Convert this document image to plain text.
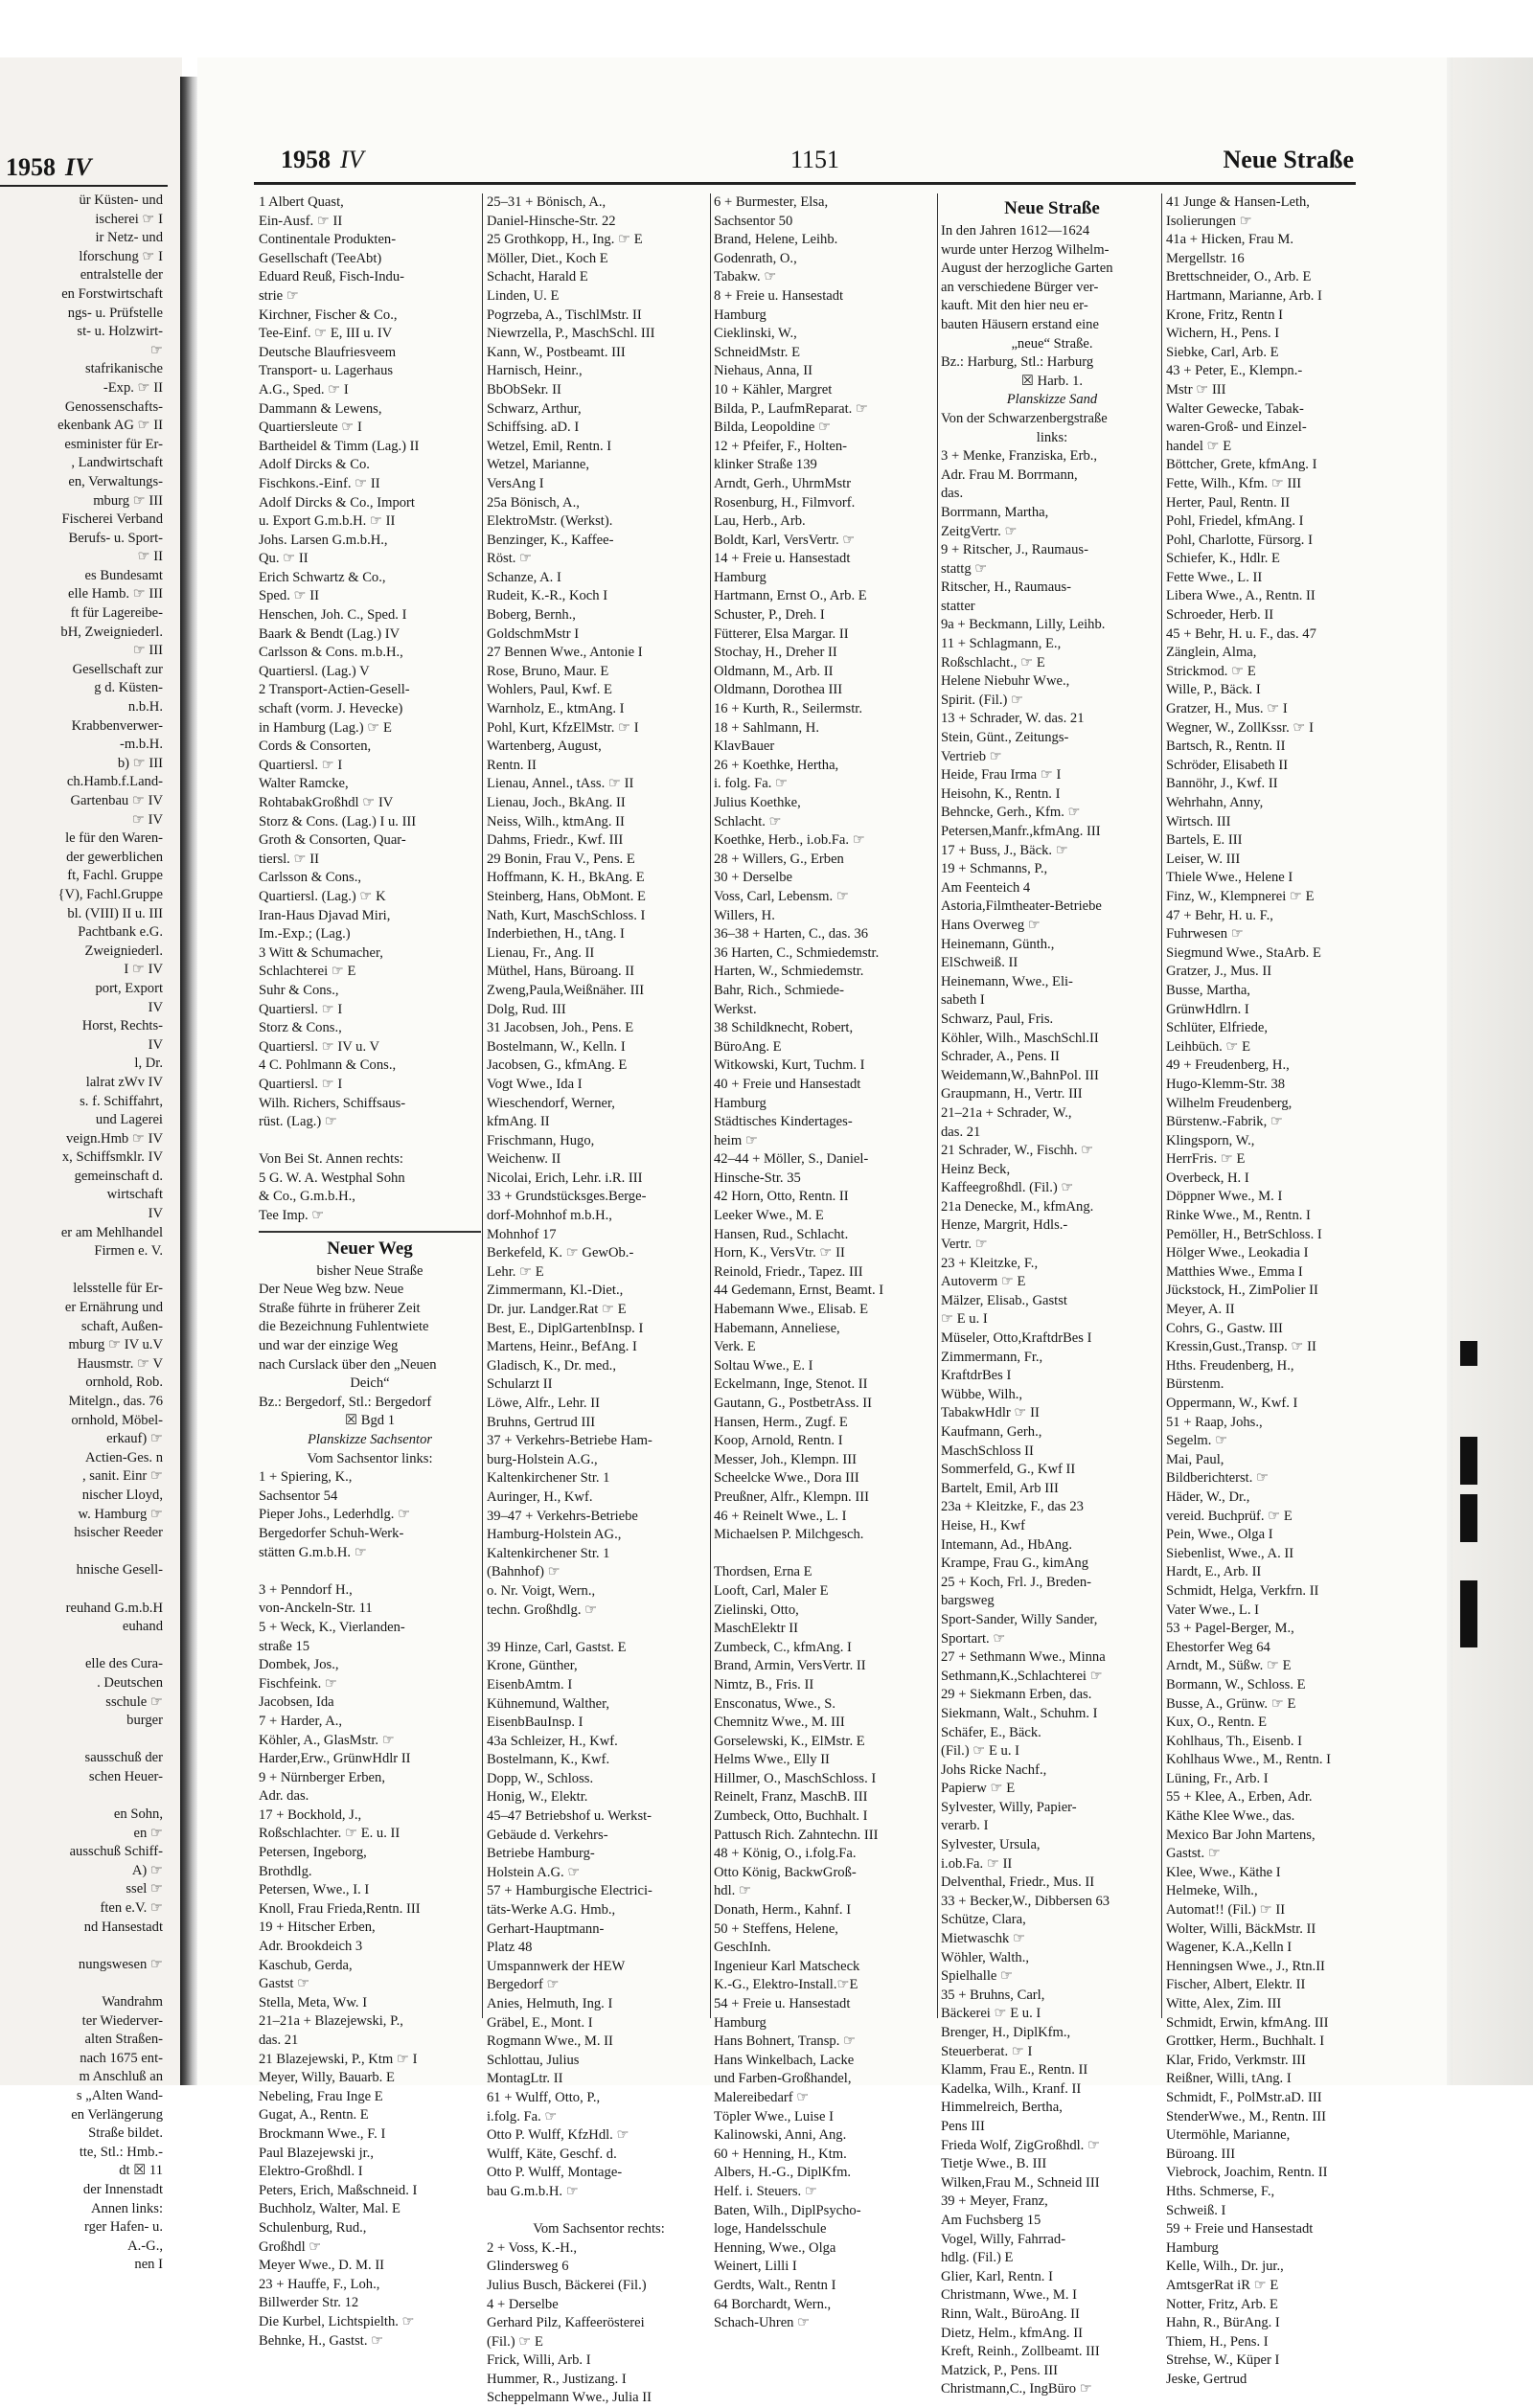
1958 IV
ür Küsten- und
ischerei ☞ I
ir Netz- und
lforschung ☞ I
entralstelle der
en Forstwirtschaft
ngs- u. Prüfstelle
st- u. Holzwirt-
☞
stafrikanische
-Exp. ☞ II
Genossenschafts-
ekenbank AG ☞ II
esminister für Er-
, Landwirtschaft
en, Verwaltungs-
mburg ☞ III
Fischerei Verband
Berufs- u. Sport-
☞ II
es Bundesamt
elle Hamb. ☞ III
ft für Lagereibe-
bH, Zweigniederl.
☞ III
Gesellschaft zur
g d. Küsten-
n.b.H.
Krabbenverwer-
-m.b.H.
b) ☞ III
ch.Hamb.f.Land-
Gartenbau ☞ IV
☞ IV
le für den Waren-
der gewerblichen
ft, Fachl. Gruppe
{V), Fachl.Gruppe
bl. (VIII) II u. III
Pachtbank e.G.
Zweigniederl.
I ☞ IV
port, Export
IV
Horst, Rechts-
IV
l, Dr.
lalrat zWv IV
s. f. Schiffahrt,
und Lagerei
veign.Hmb ☞ IV
x, Schiffsmklr. IV
gemeinschaft d.
wirtschaft
IV
er am Mehlhandel
Firmen e. V.

lelsstelle für Er-
er Ernährung und
schaft, Außen-
mburg ☞ IV u.V
Hausmstr. ☞ V
ornhold, Rob.
Mitelgn., das. 76
ornhold, Möbel-
erkauf) ☞
Actien-Ges. n
, sanit. Einr ☞
nischer Lloyd,
w. Hamburg ☞
hsischer Reeder

hnische Gesell-

reuhand G.m.b.H
euhand

elle des Cura-
. Deutschen
sschule ☞
burger

sausschuß der
schen Heuer-

en Sohn,
en ☞
ausschuß Schiff-
A) ☞
ssel ☞
ften e.V. ☞
nd Hansestadt

nungswesen ☞

Wandrahm
ter Wiederver-
alten Straßen-
nach 1675 ent-
m Anschluß an
s „Alten Wand-
en Verlängerung
Straße bildet.
tte, Stl.: Hmb.-
dt ☒ 11
der Innenstadt
Annen links:
rger Hafen- u.
A.-G.,
nen I
1958 IV	1151	Neue Straße
1 Albert Quast,
Ein-Ausf. ☞ II
Continentale Produkten-
Gesellschaft (TeeAbt)
Eduard Reuß, Fisch-Indu-
strie ☞
Kirchner, Fischer & Co.,
Tee-Einf. ☞ E, III u. IV
Deutsche Blaufriesveem
Transport- u. Lagerhaus
A.G., Sped. ☞ I
Dammann & Lewens,
Quartiersleute ☞ I
Bartheidel & Timm (Lag.) II
Adolf Dircks & Co.
Fischkons.-Einf. ☞ II
Adolf Dircks & Co., Import
u. Export G.m.b.H. ☞ II
Johs. Larsen G.m.b.H.,
Qu. ☞ II
Erich Schwartz & Co.,
Sped. ☞ II
Henschen, Joh. C., Sped. I
Baark & Bendt (Lag.) IV
Carlsson & Cons. m.b.H.,
Quartiersl. (Lag.) V
2 Transport-Actien-Gesell-
schaft (vorm. J. Hevecke)
in Hamburg (Lag.) ☞ E
Cords & Consorten,
Quartiersl. ☞ I
Walter Ramcke,
RohtabakGroßhdl ☞ IV
Storz & Cons. (Lag.) I u. III
Groth & Consorten, Quar-
tiersl. ☞ II
Carlsson & Cons.,
Quartiersl. (Lag.) ☞ K
Iran-Haus Djavad Miri,
Im.-Exp.; (Lag.)
3 Witt & Schumacher,
Schlachterei ☞ E
Suhr & Cons.,
Quartiersl. ☞ I
Storz & Cons.,
Quartiersl. ☞ IV u. V
4 C. Pohlmann & Cons.,
Quartiersl. ☞ I
Wilh. Richers, Schiffsaus-
rüst. (Lag.) ☞

Von Bei St. Annen rechts:
5 G. W. A. Westphal Sohn
& Co., G.m.b.H.,
Tee Imp. ☞
Neuer Weg
bisher Neue Straße
Der Neue Weg bzw. Neue
Straße führte in früherer Zeit
die Bezeichnung Fuhlentwiete
und war der einzige Weg
nach Curslack über den „Neuen
Deich“
Bz.: Bergedorf, Stl.: Bergedorf
☒ Bgd 1
Planskizze Sachsentor
Vom Sachsentor links:
1 + Spiering, K.,
Sachsentor 54
Pieper Johs., Lederhdlg. ☞
Bergedorfer Schuh-Werk-
stätten G.m.b.H. ☞

3 + Penndorf H.,
von-Anckeln-Str. 11
5 + Weck, K., Vierlanden-
straße 15
Dombek, Jos.,
Fischfeink. ☞
Jacobsen, Ida
7 + Harder, A.,
Köhler, A., GlasMstr. ☞
Harder,Erw., GrünwHdlr II
9 + Nürnberger Erben,
Adr. das.
17 + Bockhold, J.,
Roßschlachter. ☞ E. u. II
Petersen, Ingeborg,
Brothdlg.
Petersen, Wwe., I. I
Knoll, Frau Frieda,Rentn. III
19 + Hitscher Erben,
Adr. Brookdeich 3
Kaschub, Gerda,
Gastst ☞
Stella, Meta, Ww. I
21–21a + Blazejewski, P.,
das. 21
21 Blazejewski, P., Ktm ☞ I
Meyer, Willy, Bauarb. E
Nebeling, Frau Inge E
Gugat, A., Rentn. E
Brockmann Wwe., F. I
Paul Blazejewski jr.,
Elektro-Großhdl. I
Peters, Erich, Maßschneid. I
Buchholz, Walter, Mal. E
Schulenburg, Rud.,
Großhdl ☞
Meyer Wwe., D. M. II
23 + Hauffe, F., Loh.,
Billwerder Str. 12
Die Kurbel, Lichtspielth. ☞
Behnke, H., Gastst. ☞
25–31 + Bönisch, A.,
Daniel-Hinsche-Str. 22
25 Grothkopp, H., Ing. ☞ E
Möller, Diet., Koch E
Schacht, Harald E
Linden, U. E
Pogrzeba, A., TischlMstr. II
Niewrzella, P., MaschSchl. III
Kann, W., Postbeamt. III
Harnisch, Heinr.,
BbObSekr. II
Schwarz, Arthur,
Schiffsing. aD. I
Wetzel, Emil, Rentn. I
Wetzel, Marianne,
VersAng I
25a Bönisch, A.,
ElektroMstr. (Werkst).
Benzinger, K., Kaffee-
Röst. ☞
Schanze, A. I
Rudeit, K.-R., Koch I
Boberg, Bernh.,
GoldschmMstr I
27 Bennen Wwe., Antonie I
Rose, Bruno, Maur. E
Wohlers, Paul, Kwf. E
Warnholz, E., ktmAng. I
Pohl, Kurt, KfzElMstr. ☞ I
Wartenberg, August,
Rentn. II
Lienau, Annel., tAss. ☞ II
Lienau, Joch., BkAng. II
Neiss, Wilh., ktmAng. II
Dahms, Friedr., Kwf. III
29 Bonin, Frau V., Pens. E
Hoffmann, K. H., BkAng. E
Steinberg, Hans, ObMont. E
Nath, Kurt, MaschSchloss. I
Inderbiethen, H., tAng. I
Lienau, Fr., Ang. II
Müthel, Hans, Büroang. II
Zweng,Paula,Weißnäher. III
Dolg, Rud. III
31 Jacobsen, Joh., Pens. E
Bostelmann, W., Kelln. I
Jacobsen, G., kfmAng. E
Vogt Wwe., Ida I
Wieschendorf, Werner,
kfmAng. II
Frischmann, Hugo,
Weichenw. II
Nicolai, Erich, Lehr. i.R. III
33 + Grundstücksges.Berge-
dorf-Mohnhof m.b.H.,
Mohnhof 17
Berkefeld, K. ☞ GewOb.-
Lehr. ☞ E
Zimmermann, Kl.-Diet.,
Dr. jur. Landger.Rat ☞ E
Best, E., DiplGartenbInsp. I
Martens, Heinr., BefAng. I
Gladisch, K., Dr. med.,
Schularzt II
Löwe, Alfr., Lehr. II
Bruhns, Gertrud III
37 + Verkehrs-Betriebe Ham-
burg-Holstein A.G.,
Kaltenkirchener Str. 1
Auringer, H., Kwf.
39–47 + Verkehrs-Betriebe
Hamburg-Holstein AG.,
Kaltenkirchener Str. 1
(Bahnhof) ☞
o. Nr. Voigt, Wern.,
techn. Großhdlg. ☞

39 Hinze, Carl, Gastst. E
Krone, Günther,
EisenbAmtm. I
Kühnemund, Walther,
EisenbBauInsp. I
43a Schleizer, H., Kwf.
Bostelmann, K., Kwf.
Dopp, W., Schloss.
Honig, W., Elektr.
45–47 Betriebshof u. Werkst-
Gebäude d. Verkehrs-
Betriebe Hamburg-
Holstein A.G. ☞
57 + Hamburgische Electrici-
täts-Werke A.G. Hmb.,
Gerhart-Hauptmann-
Platz 48
Umspannwerk der HEW
Bergedorf ☞
Anies, Helmuth, Ing. I
Gräbel, E., Mont. I
Rogmann Wwe., M. II
Schlottau, Julius
MontagLtr. II
61 + Wulff, Otto, P.,
i.folg. Fa. ☞
Otto P. Wulff, KfzHdl. ☞
Wulff, Käte, Geschf. d.
Otto P. Wulff, Montage-
bau G.m.b.H. ☞

Vom Sachsentor rechts:
2 + Voss, K.-H.,
Glindersweg 6
Julius Busch, Bäckerei (Fil.)
4 + Derselbe
Gerhard Pilz, Kaffeerösterei
(Fil.) ☞ E
Frick, Willi, Arb. I
Hummer, R., Justizang. I
Scheppelmann Wwe., Julia II
6 + Burmester, Elsa,
Sachsentor 50
Brand, Helene, Leihb.
Godenrath, O.,
Tabakw. ☞
8 + Freie u. Hansestadt
Hamburg
Cieklinski, W.,
SchneidMstr. E
Niehaus, Anna, II
10 + Kähler, Margret
Bilda, P., LaufmReparat. ☞
Bilda, Leopoldine ☞
12 + Pfeifer, F., Holten-
klinker Straße 139
Arndt, Gerh., UhrmMstr
Rosenburg, H., Filmvorf.
Lau, Herb., Arb.
Boldt, Karl, VersVertr. ☞
14 + Freie u. Hansestadt
Hamburg
Hartmann, Ernst O., Arb. E
Schuster, P., Dreh. I
Fütterer, Elsa Margar. II
Stochay, H., Dreher II
Oldmann, M., Arb. II
Oldmann, Dorothea III
16 + Kurth, R., Seilermstr.
18 + Sahlmann, H.
KlavBauer
26 + Koethke, Hertha,
i. folg. Fa. ☞
Julius Koethke,
Schlacht. ☞
Koethke, Herb., i.ob.Fa. ☞
28 + Willers, G., Erben
30 + Derselbe
Voss, Carl, Lebensm. ☞
Willers, H.
36–38 + Harten, C., das. 36
36 Harten, C., Schmiedemstr.
Harten, W., Schmiedemstr.
Bahr, Rich., Schmiede-
Werkst.
38 Schildknecht, Robert,
BüroAng. E
Witkowski, Kurt, Tuchm. I
40 + Freie und Hansestadt
Hamburg
Städtisches Kindertages-
heim ☞
42–44 + Möller, S., Daniel-
Hinsche-Str. 35
42 Horn, Otto, Rentn. II
Leeker Wwe., M. E
Hansen, Rud., Schlacht.
Horn, K., VersVtr. ☞ II
Reinold, Friedr., Tapez. III
44 Gedemann, Ernst, Beamt. I
Habemann Wwe., Elisab. E
Habemann, Anneliese,
Verk. E
Soltau Wwe., E. I
Eckelmann, Inge, Stenot. II
Gautann, G., PostbetrAss. II
Hansen, Herm., Zugf. E
Koop, Arnold, Rentn. I
Messer, Joh., Klempn. III
Scheelcke Wwe., Dora III
Preußner, Alfr., Klempn. III
46 + Reinelt Wwe., L. I
Michaelsen P. Milchgesch.

Thordsen, Erna E
Looft, Carl, Maler E
Zielinski, Otto,
MaschElektr II
Zumbeck, C., kfmAng. I
Brand, Armin, VersVertr. II
Nimtz, B., Fris. II
Ensconatus, Wwe., S.
Chemnitz Wwe., M. III
Gorselewski, K., ElMstr. E
Helms Wwe., Elly II
Hillmer, O., MaschSchloss. I
Reinelt, Franz, MaschB. III
Zumbeck, Otto, Buchhalt. I
Pattusch Rich. Zahntechn. III
48 + König, O., i.folg.Fa.
Otto König, BackwGroß-
hdl. ☞
Donath, Herm., Kahnf. I
50 + Steffens, Helene,
GeschInh.
Ingenieur Karl Matscheck
K.-G., Elektro-Install.☞E
54 + Freie u. Hansestadt
Hamburg
Hans Bohnert, Transp. ☞
Hans Winkelbach, Lacke
und Farben-Großhandel,
Malereibedarf ☞
Töpler Wwe., Luise I
Kalinowski, Anni, Ang.
60 + Henning, H., Ktm.
Albers, H.-G., DiplKfm.
Helf. i. Steuers. ☞
Baten, Wilh., DiplPsycho-
loge, Handelsschule
Henning, Wwe., Olga
Weinert, Lilli I
Gerdts, Walt., Rentn I
64 Borchardt, Wern.,
Schach-Uhren ☞
Neue Straße
In den Jahren 1612—1624
wurde unter Herzog Wilhelm-
August der herzogliche Garten
an verschiedene Bürger ver-
kauft. Mit den hier neu er-
bauten Häusern erstand eine
„neue“ Straße.
Bz.: Harburg, Stl.: Harburg
☒ Harb. 1.
Planskizze Sand
Von der Schwarzenbergstraße
links:
3 + Menke, Franziska, Erb.,
Adr. Frau M. Borrmann,
das.
Borrmann, Martha,
ZeitgVertr. ☞
9 + Ritscher, J., Raumaus-
stattg ☞
Ritscher, H., Raumaus-
statter
9a + Beckmann, Lilly, Leihb.
11 + Schlagmann, E.,
Roßschlacht., ☞ E
Helene Niebuhr Wwe.,
Spirit. (Fil.) ☞
13 + Schrader, W. das. 21
Stein, Günt., Zeitungs-
Vertrieb ☞
Heide, Frau Irma ☞ I
Heisohn, K., Rentn. I
Behncke, Gerh., Kfm. ☞
Petersen,Manfr.,kfmAng. III
17 + Buss, J., Bäck. ☞
19 + Schmanns, P.,
Am Feenteich 4
Astoria,Filmtheater-Betriebe
Hans Overweg ☞
Heinemann, Günth.,
ElSchweiß. II
Heinemann, Wwe., Eli-
sabeth I
Schwarz, Paul, Fris.
Köhler, Wilh., MaschSchl.II
Schrader, A., Pens. II
Weidemann,W.,BahnPol. III
Graupmann, H., Vertr. III
21–21a + Schrader, W.,
das. 21
21 Schrader, W., Fischh. ☞
Heinz Beck,
Kaffeegroßhdl. (Fil.) ☞
21a Denecke, M., kfmAng.
Henze, Margrit, Hdls.-
Vertr. ☞
23 + Kleitzke, F.,
Autoverm ☞ E
Mälzer, Elisab., Gastst
☞ E u. I
Müseler, Otto,KraftdrBes I
Zimmermann, Fr.,
KraftdrBes I
Wübbe, Wilh.,
TabakwHdlr ☞ II
Kaufmann, Gerh.,
MaschSchloss II
Sommerfeld, G., Kwf II
Bartelt, Emil, Arb III
23a + Kleitzke, F., das 23
Heise, H., Kwf
Intemann, Ad., HbAng.
Krampe, Frau G., kimAng
25 + Koch, Frl. J., Breden-
bargsweg
Sport-Sander, Willy Sander,
Sportart. ☞
27 + Sethmann Wwe., Minna
Sethmann,K.,Schlachterei ☞
29 + Siekmann Erben, das.
Siekmann, Walt., Schuhm. I
Schäfer, E., Bäck.
(Fil.) ☞ E u. I
Johs Ricke Nachf.,
Papierw ☞ E
Sylvester, Willy, Papier-
verarb. I
Sylvester, Ursula,
i.ob.Fa. ☞ II
Delventhal, Friedr., Mus. II
33 + Becker,W., Dibbersen 63
Schütze, Clara,
Mietwaschk ☞
Wöhler, Walth.,
Spielhalle ☞
35 + Bruhns, Carl,
Bäckerei ☞ E u. I
Brenger, H., DiplKfm.,
Steuerberat. ☞ I
Klamm, Frau E., Rentn. II
Kadelka, Wilh., Kranf. II
Himmelreich, Bertha,
Pens III
Frieda Wolf, ZigGroßhdl. ☞
Tietje Wwe., B. III
Wilken,Frau M., Schneid III
39 + Meyer, Franz,
Am Fuchsberg 15
Vogel, Willy, Fahrrad-
hdlg. (Fil.) E
Glier, Karl, Rentn. I
Christmann, Wwe., M. I
Rinn, Walt., BüroAng. II
Dietz, Helm., kfmAng. II
Kreft, Reinh., Zollbeamt. III
Matzick, P., Pens. III
Christmann,C., IngBüro ☞
41 Junge & Hansen-Leth,
Isolierungen ☞
41a + Hicken, Frau M.
Mergellstr. 16
Brettschneider, O., Arb. E
Hartmann, Marianne, Arb. I
Krone, Fritz, Rentn I
Wichern, H., Pens. I
Siebke, Carl, Arb. E
43 + Peter, E., Klempn.-
Mstr ☞ III
Walter Gewecke, Tabak-
waren-Groß- und Einzel-
handel ☞ E
Böttcher, Grete, kfmAng. I
Fette, Wilh., Kfm. ☞ III
Herter, Paul, Rentn. II
Pohl, Friedel, kfmAng. I
Pohl, Charlotte, Fürsorg. I
Schiefer, K., Hdlr. E
Fette Wwe., L. II
Libera Wwe., A., Rentn. II
Schroeder, Herb. II
45 + Behr, H. u. F., das. 47
Zänglein, Alma,
Strickmod. ☞ E
Wille, P., Bäck. I
Gratzer, H., Mus. ☞ I
Wegner, W., ZollKssr. ☞ I
Bartsch, R., Rentn. II
Schröder, Elisabeth II
Bannöhr, J., Kwf. II
Wehrhahn, Anny,
Wirtsch. III
Bartels, E. III
Leiser, W. III
Thiele Wwe., Helene I
Finz, W., Klempnerei ☞ E
47 + Behr, H. u. F.,
Fuhrwesen ☞
Siegmund Wwe., StaArb. E
Gratzer, J., Mus. II
Busse, Martha,
GrünwHdlrn. I
Schlüter, Elfriede,
Leihbüch. ☞ E
49 + Freudenberg, H.,
Hugo-Klemm-Str. 38
Wilhelm Freudenberg,
Bürstenw.-Fabrik, ☞
Klingsporn, W.,
HerrFris. ☞ E
Overbeck, H. I
Döppner Wwe., M. I
Rinke Wwe., M., Rentn. I
Pemöller, H., BetrSchloss. I
Hölger Wwe., Leokadia I
Matthies Wwe., Emma I
Jückstock, H., ZimPolier II
Meyer, A. II
Cohrs, G., Gastw. III
Kressin,Gust.,Transp. ☞ II
Hths. Freudenberg, H.,
Bürstenm.
Oppermann, W., Kwf. I
51 + Raap, Johs.,
Segelm. ☞
Mai, Paul,
Bildberichterst. ☞
Häder, W., Dr.,
vereid. Buchprüf. ☞ E
Pein, Wwe., Olga I
Siebenlist, Wwe., A. II
Hardt, E., Arb. II
Schmidt, Helga, Verkfrn. II
Vater Wwe., L. I
53 + Pagel-Berger, M.,
Ehestorfer Weg 64
Arndt, M., Süßw. ☞ E
Bormann, W., Schloss. E
Busse, A., Grünw. ☞ E
Kux, O., Rentn. E
Kohlhaus, Th., Eisenb. I
Kohlhaus Wwe., M., Rentn. I
Lüning, Fr., Arb. I
55 + Klee, A., Erben, Adr.
Käthe Klee Wwe., das.
Mexico Bar John Martens,
Gastst. ☞
Klee, Wwe., Käthe I
Helmeke, Wilh.,
Automat!! (Fil.) ☞ II
Wolter, Willi, BäckMstr. II
Wagener, K.A.,Kelln I
Henningsen Wwe., J., Rtn.II
Fischer, Albert, Elektr. II
Witte, Alex, Zim. III
Schmidt, Erwin, kfmAng. III
Grottker, Herm., Buchhalt. I
Klar, Frido, Verkmstr. III
Reißner, Willi, tAng. I
Schmidt, F., PolMstr.aD. III
StenderWwe., M., Rentn. III
Utermöhle, Marianne,
Büroang. III
Viebrock, Joachim, Rentn. II
Hths. Schmerse, F.,
Schweiß. I
59 + Freie und Hansestadt
Hamburg
Kelle, Wilh., Dr. jur.,
AmtsgerRat iR ☞ E
Notter, Fritz, Arb. E
Hahn, R., BürAng. I
Thiem, H., Pens. I
Strehse, W., Küper I
Jeske, Gertrud
